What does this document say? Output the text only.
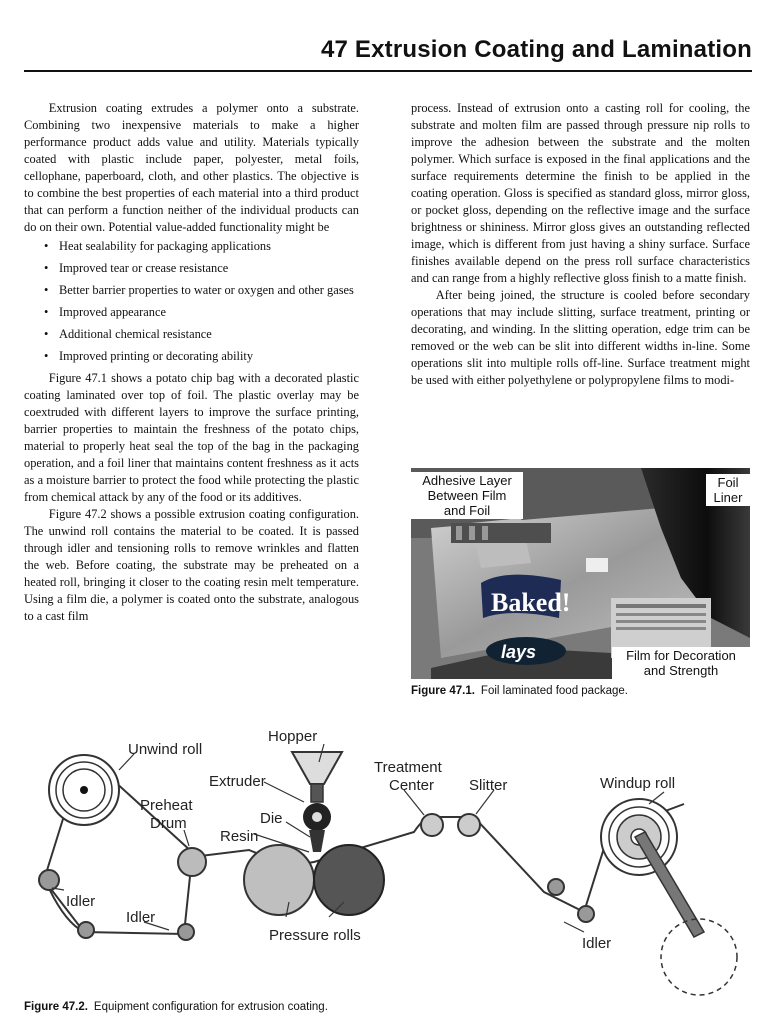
47 Extrusion Coating and Lamination

Extrusion coating extrudes a polymer onto a substrate. Combining two inexpensive materials to make a higher performance product adds value and utility. Materials typically coated with plastic include paper, polyester, metal foils, cellophane, paperboard, cloth, and other plastics. The objective is to combine the best properties of each material into a third product that can perform a function neither of the individual products can do on their own. Potential value-added functionality might be

• Heat sealability for packaging applications
• Improved tear or crease resistance
• Better barrier properties to water or oxygen and other gases
• Improved appearance
• Additional chemical resistance
• Improved printing or decorating ability

Figure 47.1 shows a potato chip bag with a decorated plastic coating laminated over top of foil. The plastic overlay may be coextruded with different layers to improve the surface printing, barrier properties to maintain the freshness of the potato chips, material to properly heat seal the top of the bag in the packaging operation, and a foil liner that maintains content freshness as it acts as a moisture barrier to protect the food while protecting the plastic from chemical attack by any of the food or its additives.

Figure 47.2 shows a possible extrusion coating configuration. The unwind roll contains the material to be coated. It is passed through idler and tensioning rolls to remove wrinkles and flatten the web. Before coating, the substrate may be preheated on a heated roll, bringing it closer to the coating resin melt temperature. Using a film die, a polymer is coated onto the substrate, analogous to a cast film

process. Instead of extrusion onto a casting roll for cooling, the substrate and molten film are passed through pressure nip rolls to improve the adhesion between the substrate and the molten polymer. Which surface is exposed in the final applications and the surface requirements determine the finish to be applied in the coating operation. Gloss is specified as standard gloss, mirror gloss, or pocket gloss, depending on the reflective image and the surface brightness or shininess. Mirror gloss gives an outstanding reflected image, which is different from just having a shiny surface. Surface finishes available depend on the press roll surface characteristics and can range from a highly reflective gloss finish to a matte finish.

After being joined, the structure is cooled before secondary operations that may include slitting, surface treatment, printing or decorating, and winding. In the slitting operation, edge trim can be removed or the web can be slit into different widths in-line. Some operations slit into multiple rolls off-line. Surface treatment might be used with either polyethylene or polypropylene films to modi-

Baked!
lays
Adhesive Layer
Between Film
and Foil
Foil
Liner
Film for Decoration
and Strength
Figure 47.1. Foil laminated food package.
Unwind roll
Hopper
Extruder
Die
Resin
Preheat
Drum
Treatment
Center Slitter	Windup roll
Idler
Idler
Idler
Pressure rolls
Figure 47.2. Equipment configuration for extrusion coating.
